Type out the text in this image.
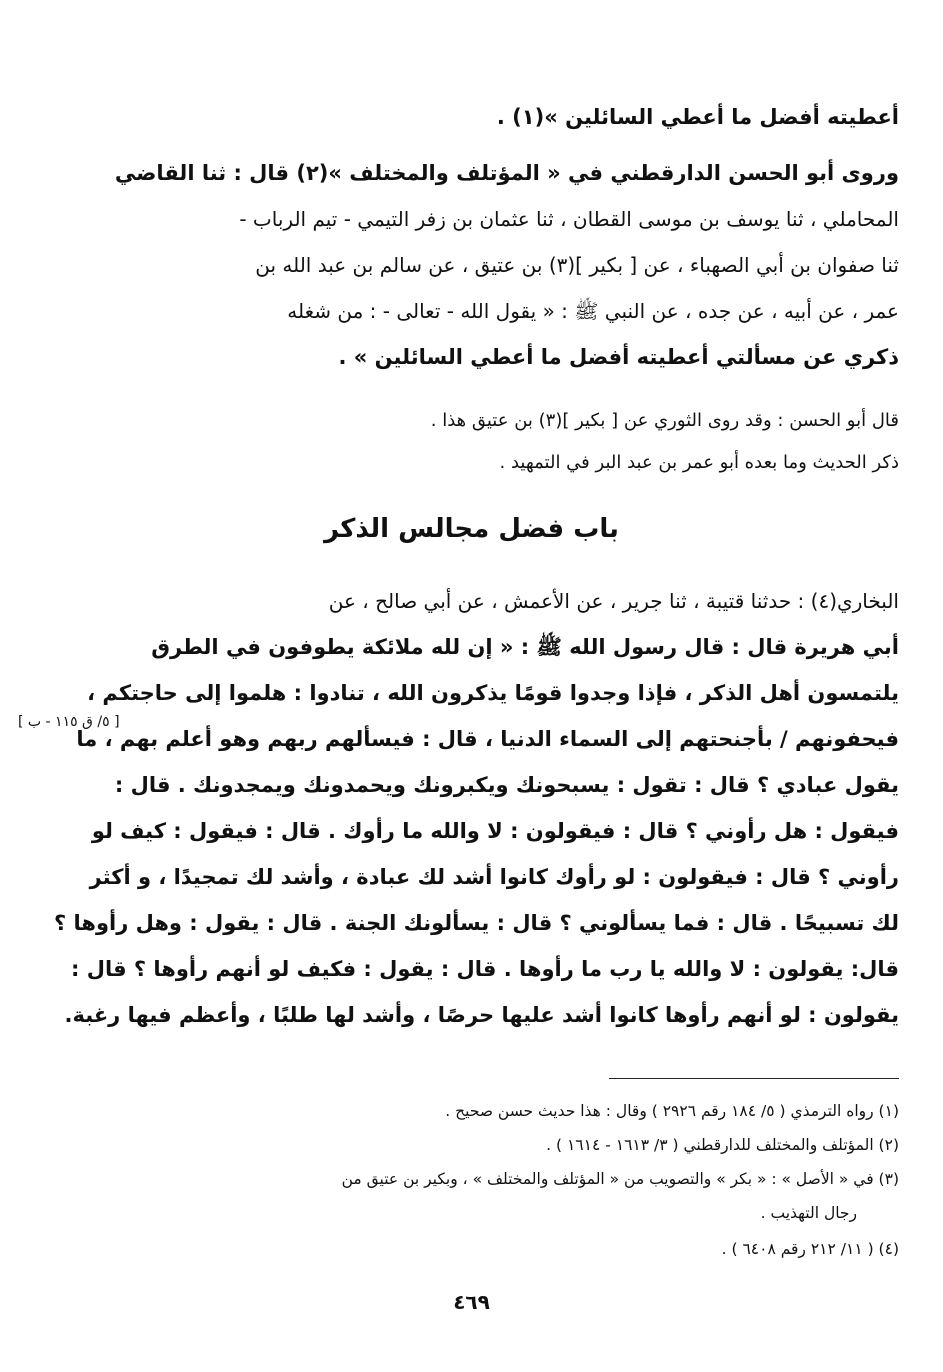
أعطيته أفضل ما أعطي السائلين »(١) .
وروى أبو الحسن الدارقطني في « المؤتلف والمختلف »(٢) قال : ثنا القاضي
المحاملي ، ثنا يوسف بن موسى القطان ، ثنا عثمان بن زفر التيمي - تيم الرباب -
ثنا صفوان بن أبي الصهباء ، عن [ بكير ](٣) بن عتيق ، عن سالم بن عبد الله بن
عمر ، عن أبيه ، عن جده ، عن النبي ﷺ : « يقول الله - تعالى - : من شغله
ذكري عن مسألتي أعطيته أفضل ما أعطي السائلين » .
قال أبو الحسن : وقد روى الثوري عن [ بكير ](٣) بن عتيق هذا .
ذكر الحديث وما بعده أبو عمر بن عبد البر في التمهيد .
باب فضل مجالس الذكر
[ ٥/ ق ١١٥ - ب ]
البخاري(٤) : حدثنا قتيبة ، ثنا جرير ، عن الأعمش ، عن أبي صالح ، عن
أبي هريرة قال : قال رسول الله ﷺ : « إن لله ملائكة يطوفون في الطرق
يلتمسون أهل الذكر ، فإذا وجدوا قومًا يذكرون الله ، تنادوا : هلموا إلى حاجتكم ،
فيحفونهم / بأجنحتهم إلى السماء الدنيا ، قال : فيسألهم ربهم وهو أعلم بهم ، ما
يقول عبادي ؟ قال : تقول : يسبحونك ويكبرونك ويحمدونك ويمجدونك . قال :
فيقول : هل رأوني ؟ قال : فيقولون : لا والله ما رأوك . قال : فيقول : كيف لو
رأوني ؟ قال : فيقولون : لو رأوك كانوا أشد لك عبادة ، وأشد لك تمجيدًا ، و أكثر
لك تسبيحًا . قال : فما يسألوني ؟ قال : يسألونك الجنة . قال : يقول : وهل رأوها ؟
قال: يقولون : لا والله يا رب ما رأوها . قال : يقول : فكيف لو أنهم رأوها ؟ قال :
يقولون : لو أنهم رأوها كانوا أشد عليها حرصًا ، وأشد لها طلبًا ، وأعظم فيها رغبة.
(١) رواه الترمذي ( ٥/ ١٨٤ رقم ٢٩٢٦ ) وقال : هذا حديث حسن صحيح .
(٢) المؤتلف والمختلف للدارقطني ( ٣/ ١٦١٣ - ١٦١٤ ) .
(٣) في « الأصل » : « بكر » والتصويب من « المؤتلف والمختلف » ، وبكير بن عتيق من
رجال التهذيب .
(٤) ( ١١/ ٢١٢ رقم ٦٤٠٨ ) .
٤٦٩
